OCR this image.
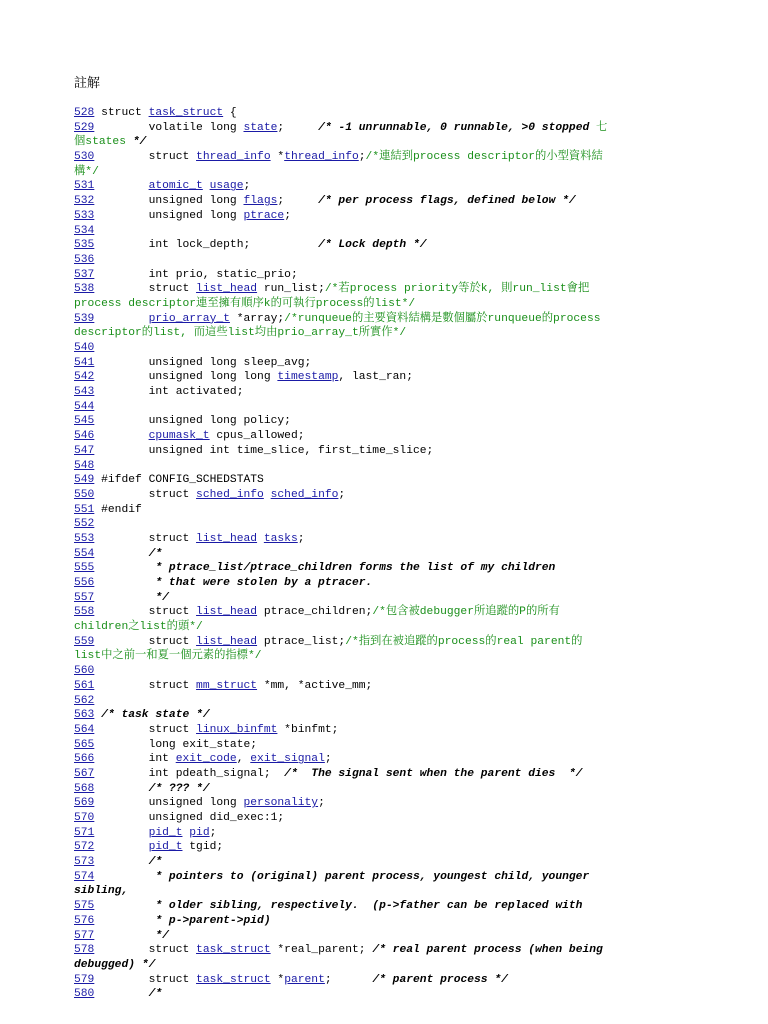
註解
528 struct task_struct {
529        volatile long state;     /* -1 unrunnable, 0 runnable, >0 stopped 七
個states */
530        struct thread_info *thread_info;/*連結到process descriptor的小型資料結
構*/
531	atomic_t usage;
532        unsigned long flags;     /* per process flags, defined below */
533        unsigned long ptrace;
534
535        int lock_depth;          /* Lock depth */
536
537        int prio, static_prio;
538        struct list_head run_list;/*若process priority等於k, 則run_list會把
process descriptor連至擁有順序k的可執行process的list*/
539	prio_array_t *array;/*runqueue的主要資料結構是數個屬於runqueue的process
descriptor的list, 而這些list均由prio_array_t所實作*/
540
541        unsigned long sleep_avg;
542        unsigned long long timestamp, last_ran;
543        int activated;
544
545        unsigned long policy;
546	cpumask_t cpus_allowed;
547        unsigned int time_slice, first_time_slice;
548
549 #ifdef CONFIG_SCHEDSTATS
550        struct sched_info sched_info;
551 #endif
552
553        struct list_head tasks;
554	/*
555	* ptrace_list/ptrace_children forms the list of my children
556	* that were stolen by a ptracer.
557	*/
558        struct list_head ptrace_children;/*包含被debugger所追蹤的P的所有
children之list的頭*/
559        struct list_head ptrace_list;/*指到在被追蹤的process的real parent的
list中之前一和夏一個元素的指標*/
560
561        struct mm_struct *mm, *active_mm;
562
563 /* task state */
564        struct linux_binfmt *binfmt;
565        long exit_state;
566        int exit_code, exit_signal;
567        int pdeath_signal;  /*  The signal sent when the parent dies  */
568	/* ??? */
569        unsigned long personality;
570        unsigned did_exec:1;
571	pid_t pid;
572	pid_t tgid;
573	/*
574	* pointers to (original) parent process, youngest child, younger
sibling,
575	* older sibling, respectively.  (p->father can be replaced with
576	* p->parent->pid)
577	*/
578        struct task_struct *real_parent; /* real parent process (when being
debugged) */
579        struct task_struct *parent;      /* parent process */
580	/*
